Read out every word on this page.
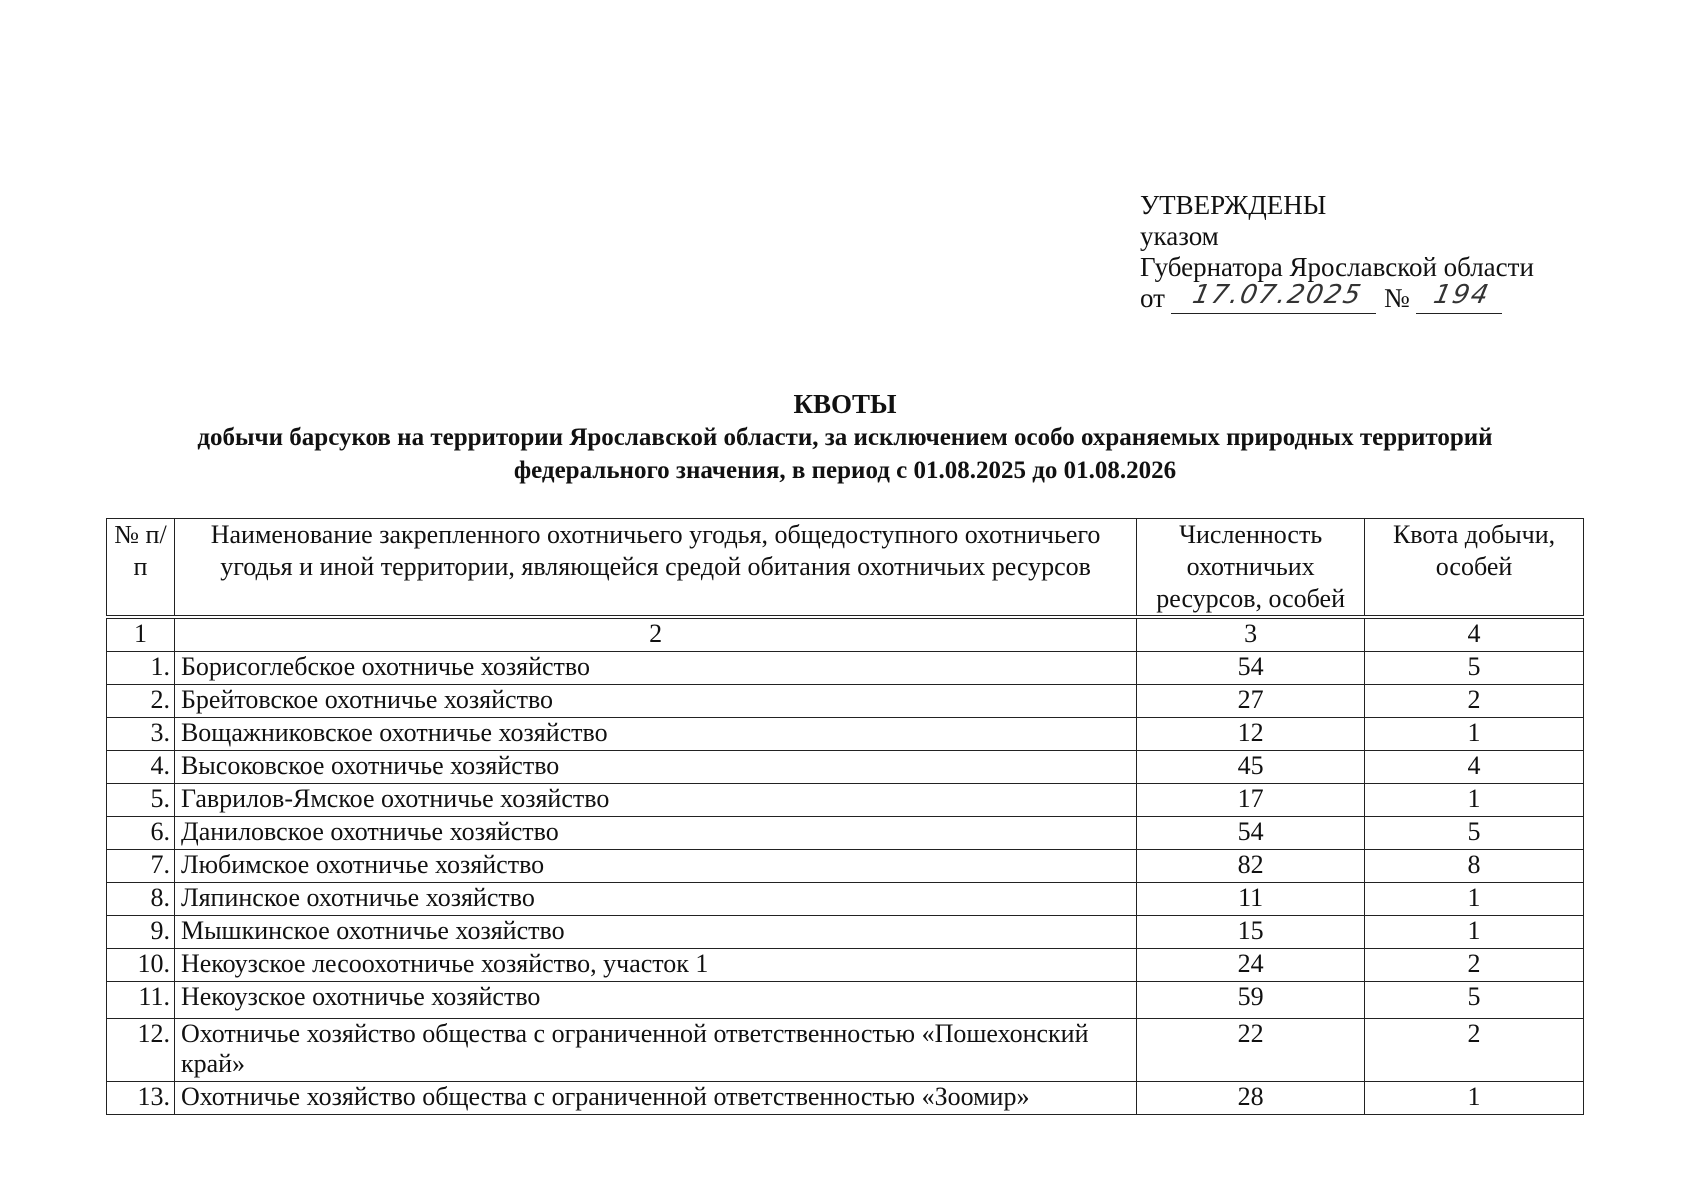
УТВЕРЖДЕНЫ
указом
Губернатора Ярославской области
от 17.07.2025 № 194
КВОТЫ
добычи барсуков на территории Ярославской области, за исключением особо охраняемых природных территорий
федерального значения, в период с 01.08.2025 до 01.08.2026
№ п/п	Наименование закрепленного охотничьего угодья, общедоступного охотничьего угодья и иной территории, являющейся средой обитания охотничьих ресурсов	Численность охотничьих ресурсов, особей	Квота добычи, особей

1	2	3	4
1.	Борисоглебское охотничье хозяйство	54	5
2.	Брейтовское охотничье хозяйство	27	2
3.	Вощажниковское охотничье хозяйство	12	1
4.	Высоковское охотничье хозяйство	45	4
5.	Гаврилов-Ямское охотничье хозяйство	17	1
6.	Даниловское охотничье хозяйство	54	5
7.	Любимское охотничье хозяйство	82	8
8.	Ляпинское охотничье хозяйство	11	1
9.	Мышкинское охотничье хозяйство	15	1
10.	Некоузское лесоохотничье хозяйство, участок 1	24	2
11.	Некоузское охотничье хозяйство	59	5
12.	Охотничье хозяйство общества с ограниченной ответственностью «Пошехонский край»	22	2
13.	Охотничье хозяйство общества с ограниченной ответственностью «Зоомир»	28	1
